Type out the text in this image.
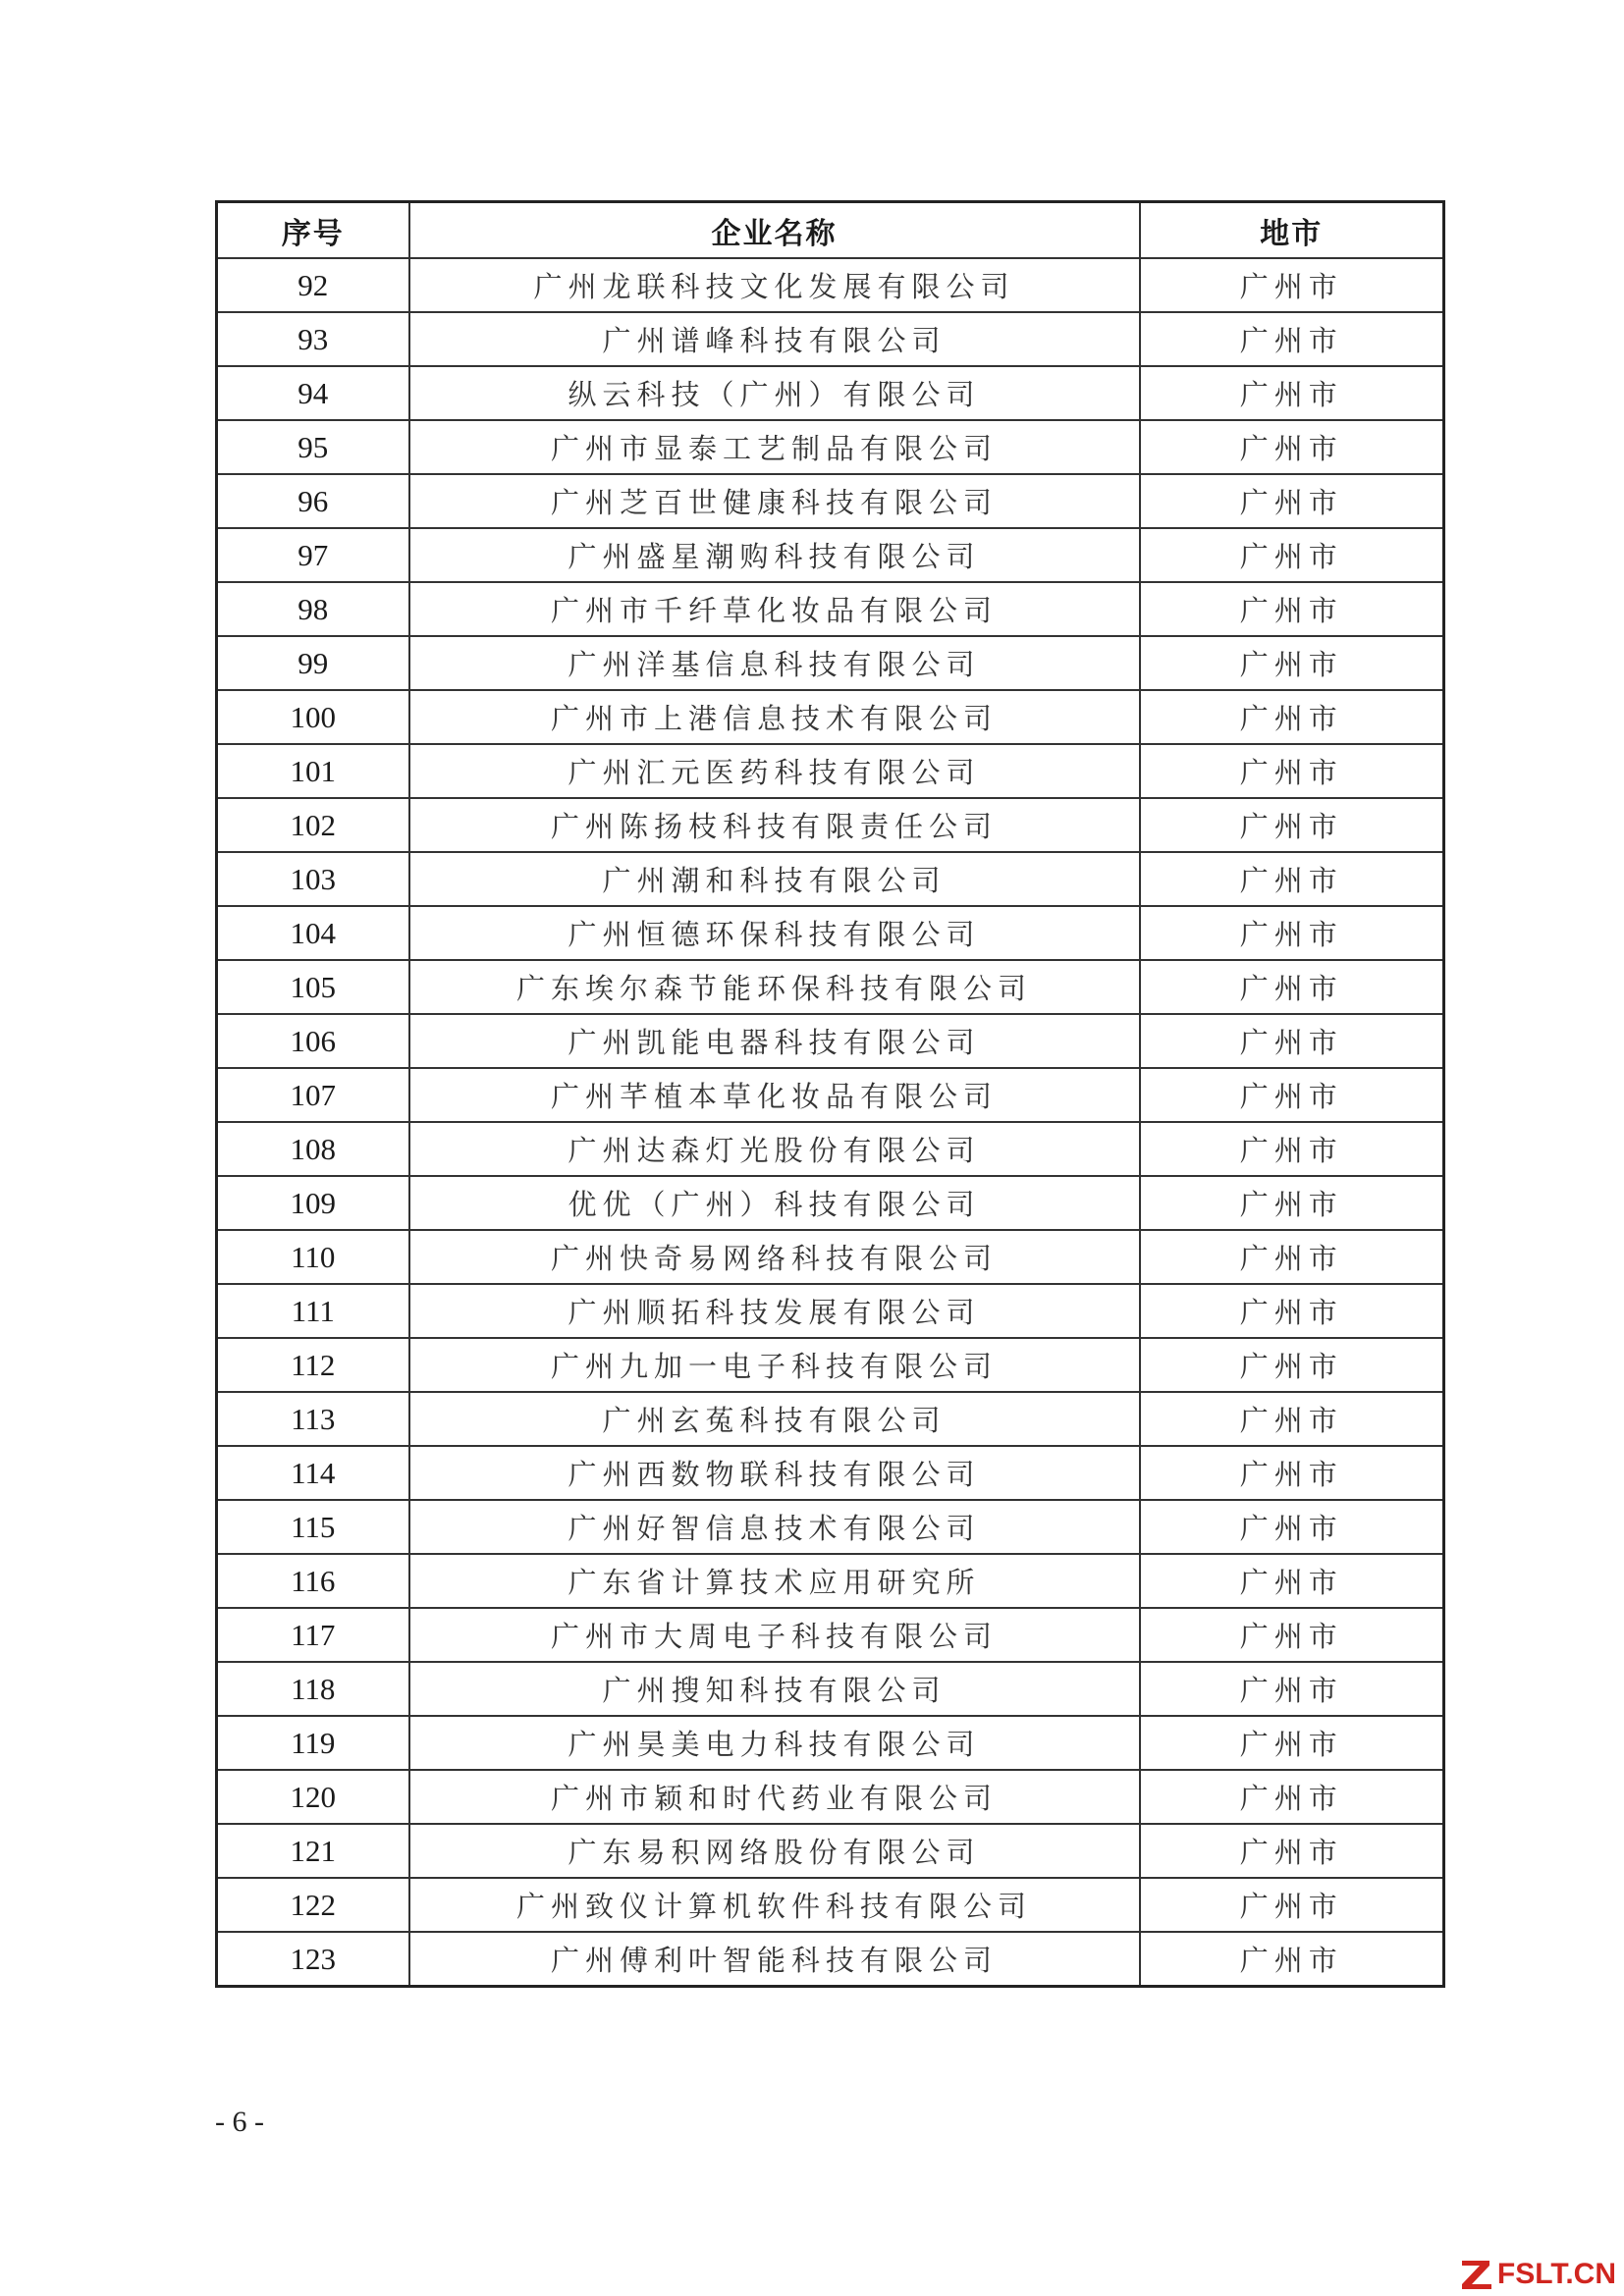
序号	企业名称	地市
92	广州龙联科技文化发展有限公司	广州市
93	广州谱峰科技有限公司	广州市
94	纵云科技（广州）有限公司	广州市
95	广州市显泰工艺制品有限公司	广州市
96	广州芝百世健康科技有限公司	广州市
97	广州盛星潮购科技有限公司	广州市
98	广州市千纤草化妆品有限公司	广州市
99	广州洋基信息科技有限公司	广州市
100	广州市上港信息技术有限公司	广州市
101	广州汇元医药科技有限公司	广州市
102	广州陈扬枝科技有限责任公司	广州市
103	广州潮和科技有限公司	广州市
104	广州恒德环保科技有限公司	广州市
105	广东埃尔森节能环保科技有限公司	广州市
106	广州凯能电器科技有限公司	广州市
107	广州芊植本草化妆品有限公司	广州市
108	广州达森灯光股份有限公司	广州市
109	优优（广州）科技有限公司	广州市
110	广州快奇易网络科技有限公司	广州市
111	广州顺拓科技发展有限公司	广州市
112	广州九加一电子科技有限公司	广州市
113	广州玄菟科技有限公司	广州市
114	广州西数物联科技有限公司	广州市
115	广州好智信息技术有限公司	广州市
116	广东省计算技术应用研究所	广州市
117	广州市大周电子科技有限公司	广州市
118	广州搜知科技有限公司	广州市
119	广州昊美电力科技有限公司	广州市
120	广州市颖和时代药业有限公司	广州市
121	广东易积网络股份有限公司	广州市
122	广州致仪计算机软件科技有限公司	广州市
123	广州傅利叶智能科技有限公司	广州市
- 6 -
FSLT.CN
